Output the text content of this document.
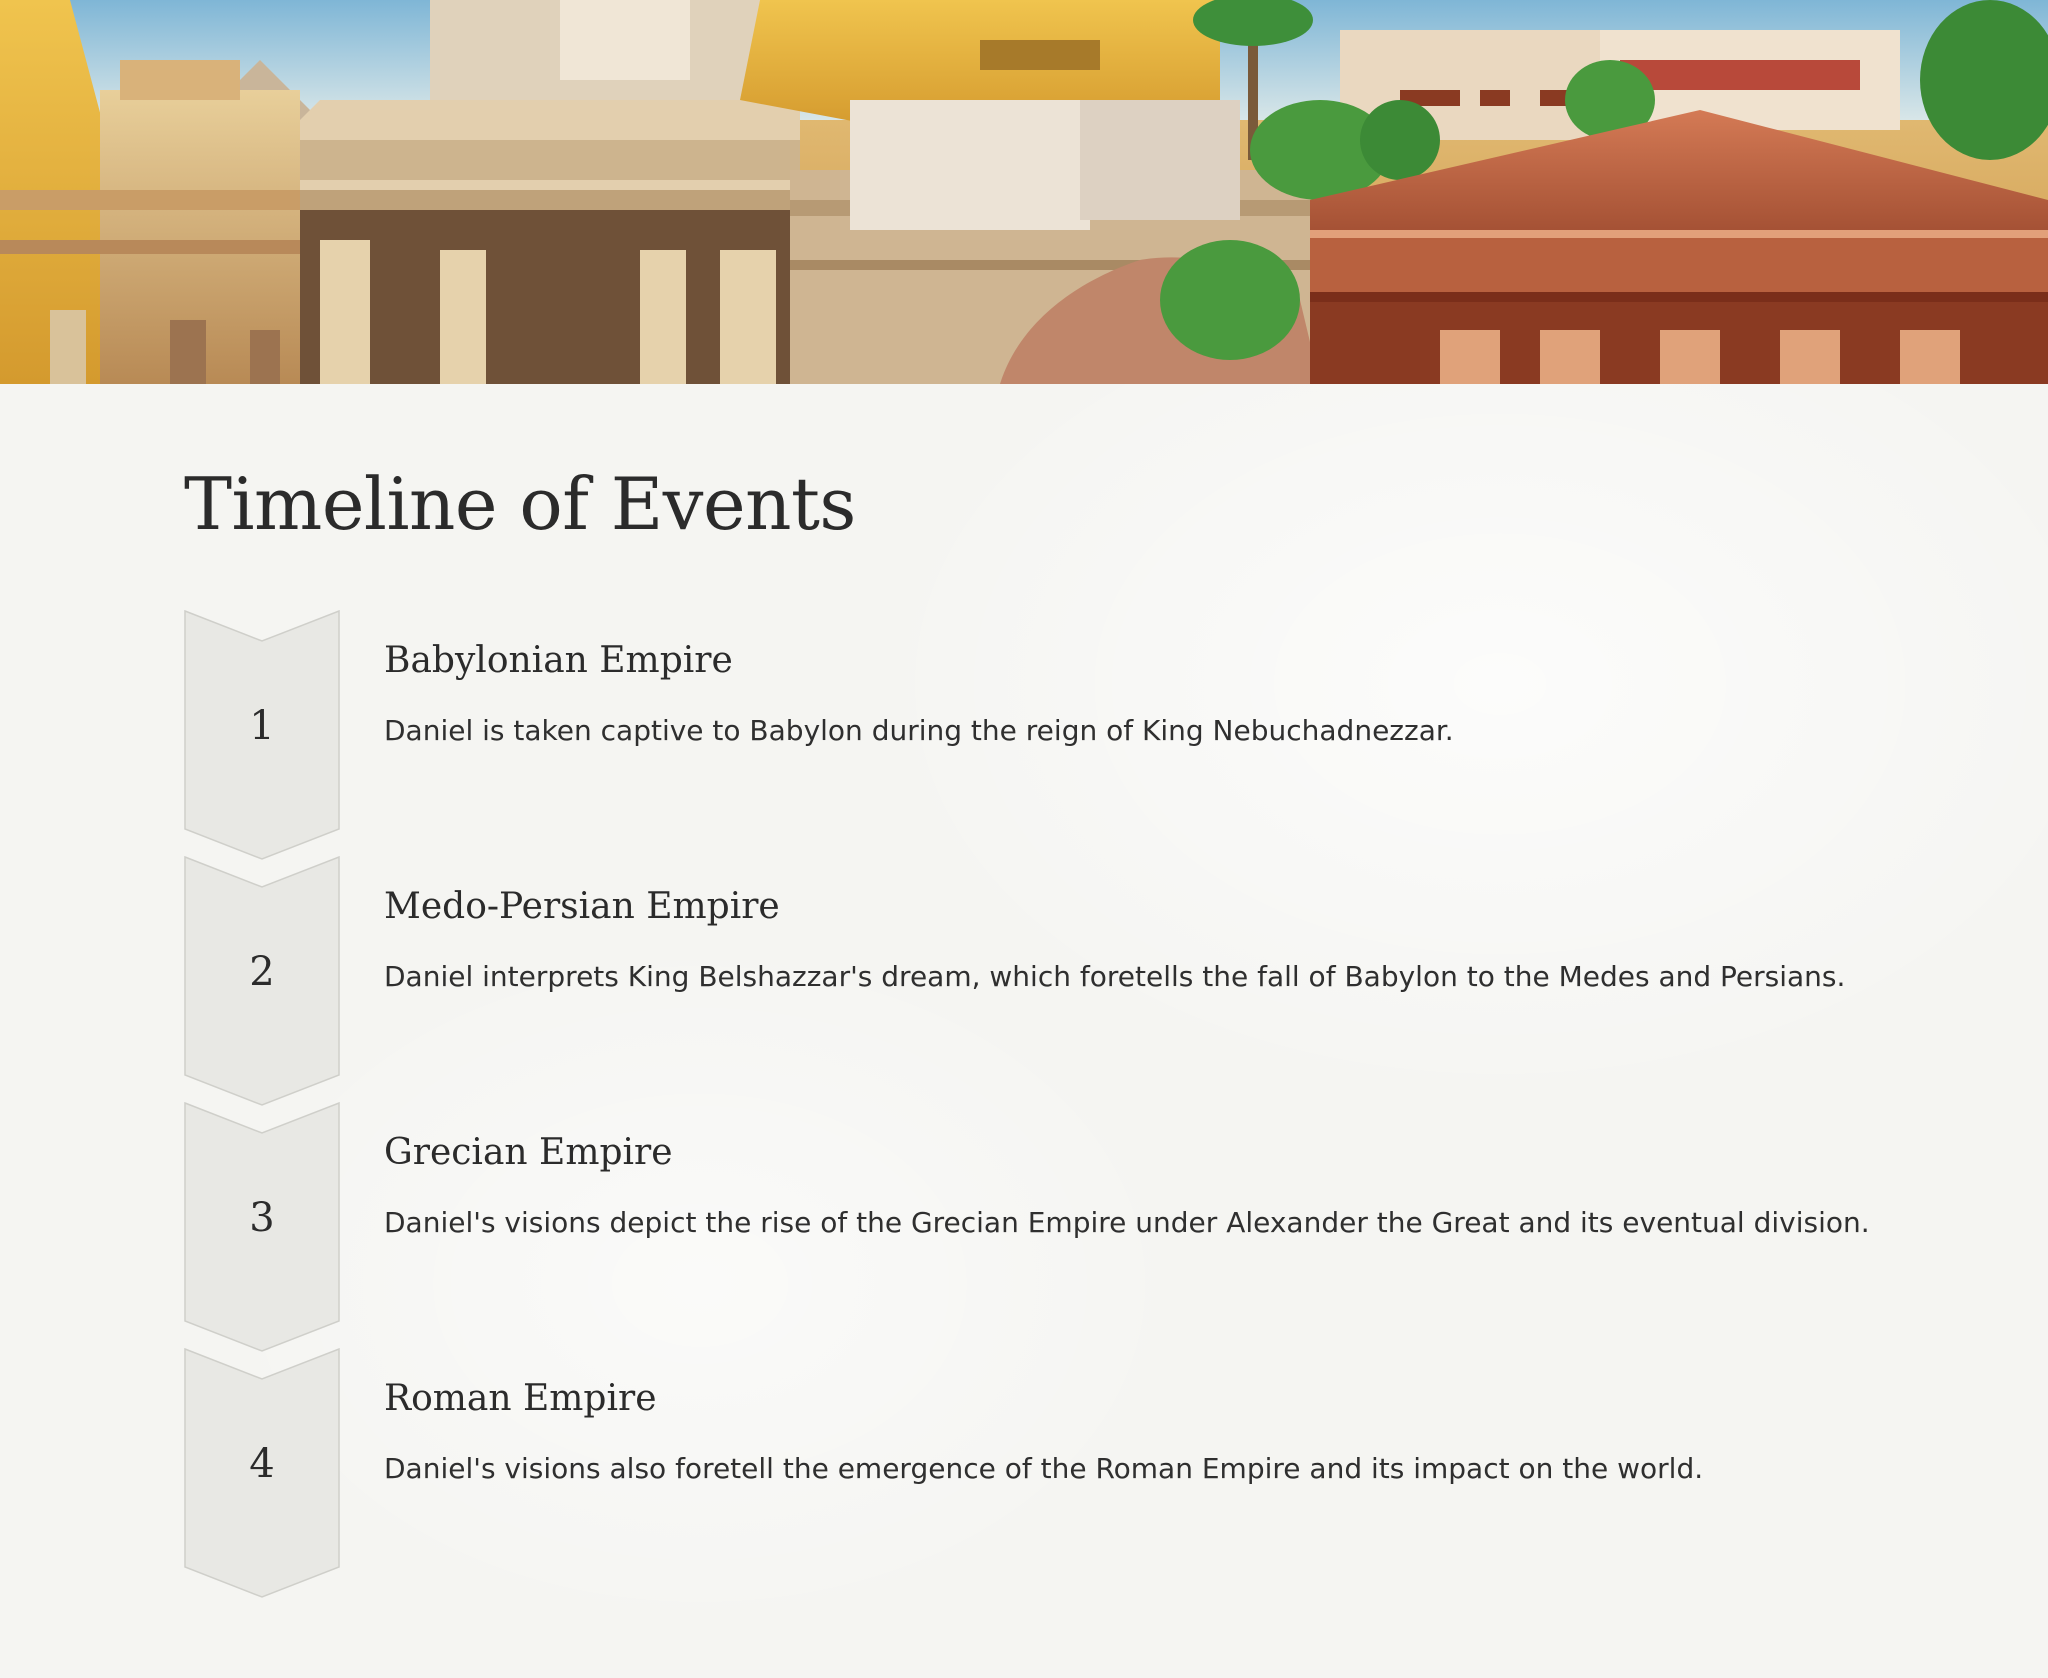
Timeline of Events
1
Babylonian Empire

Daniel is taken captive to Babylon during the reign of King Nebuchadnezzar.

2
Medo-Persian Empire

Daniel interprets King Belshazzar's dream, which foretells the fall of Babylon to the Medes and Persians.

3
Grecian Empire

Daniel's visions depict the rise of the Grecian Empire under Alexander the Great and its eventual division.

4
Roman Empire

Daniel's visions also foretell the emergence of the Roman Empire and its impact on the world.
